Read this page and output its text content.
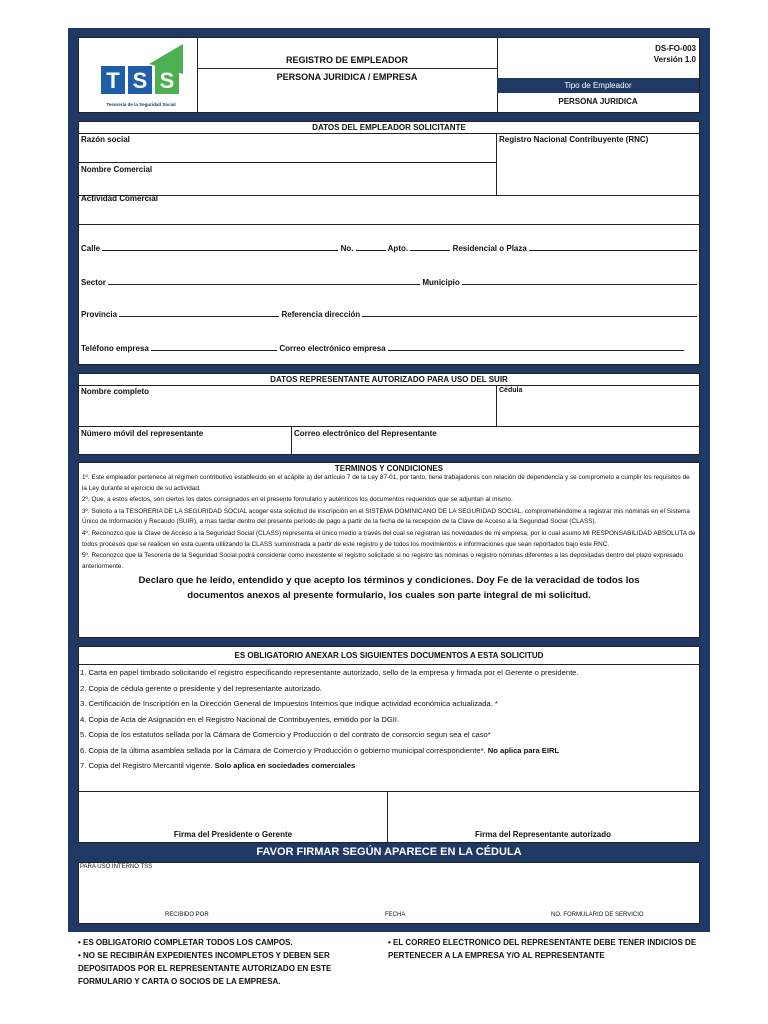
T S S
Tesorería de la Seguridad Social
REGISTRO DE EMPLEADOR
PERSONA JURIDICA / EMPRESA
DS-FO-003
Versión 1.0
Tipo de Empleador
PERSONA JURIDICA
DATOS DEL EMPLEADOR SOLICITANTE
Razón social	Registro Nacional Contribuyente (RNC)
Nombre Comercial
Actividad Comercial
Calle	No.	Apto.	Residencial o Plaza
Sector	Municipio
Provincia	Referencia dirección
Teléfono empresa	Correo electrónico empresa
DATOS REPRESENTANTE AUTORIZADO PARA USO DEL SUIR
Nombre completo	Cédula
Número móvil del representante	Correo electrónico del Representante
TERMINOS Y CONDICIONES

1º. Este empleador pertenece al régimen contributivo establecido en el acápite a) del artículo 7 de la Ley 87-01, por tanto, tiene trabajadores con relación de dependencia y se comprometo a cumplir los requisitos de la Ley durante el ejercicio de su actividad.

2º. Que, a estos efectos, son ciertos los datos consignados en el presente formulario y auténticos los documentos requeridos que se adjuntan al mismo.

3º. Solicito a la TESORERIA DE LA SEGURIDAD SOCIAL acoger esta solicitud de inscripción en el SISTEMA DOMINICANO DE LA SEGURIDAD SOCIAL, comprometiéndome a registrar mis nóminas en el Sistema Único de Información y Recaudo (SUIR), a mas tardar dentro del presente período de pago a partir de la fecha de la recepción de la Clave de Acceso a la Seguridad Social (CLASS).

4º. Reconozco que la Clave de Acceso a la Seguridad Social (CLASS) representa el único medio a través del cual se registran las novedades de mi empresa, por lo cual asumo MI RESPONSABILIDAD ABSOLUTA de todos procesos que se realicen en esta cuenta utilizando la CLASS suministrada a partir de este registro y de todos los movimientos e informaciones que sean reportados bajo este RNC.

5º. Reconozco que la Tesorería de la Seguridad Social podrá considerar como inexistente el registro solicitado si no registro las nóminas o registro nóminas diferentes a las depositadas dentro del plazo expresado anteriormente.

Declaro que he leído, entendido y que acepto los términos y condiciones. Doy Fe de la veracidad de todos los documentos anexos al presente formulario, los cuales son parte integral de mi solicitud.
ES OBLIGATORIO ANEXAR LOS SIGUIENTES DOCUMENTOS A ESTA SOLICITUD
1. Carta en papel timbrado solicitando el registro especificando representante autorizado, sello de la empresa y firmada por el Gerente o presidente.
2. Copia de cédula gerente o presidente y del representante autorizado.
3. Certificación de Inscripción en la Dirección General de Impuestos Internos que indique actividad económica actualizada. *
4. Copia de Acta de Asignación en el Registro Nacional de Contribuyentes, emitido por la DGII.
5. Copia de los estatutos sellada por la Cámara de Comercio y Producción o del contrato de consorcio segun sea el caso*
6. Copia de la última asamblea sellada por la Cámara de Comercio y Producción o gobierno municipal correspondiente*. No aplica para EIRL
7. Copia del Registro Mercantil vigente. Solo aplica en sociedades comerciales
Firma del Presidente o Gerente	Firma del Representante autorizado
FAVOR FIRMAR SEGÚN APARECE EN LA CÉDULA
PARA USO INTERNO TSS
RECIBIDO POR	FECHA	NO. FORMULARIO DE SERVICIO
• ES OBLIGATORIO COMPLETAR TODOS LOS CAMPOS.
• NO SE RECIBIRÁN EXPEDIENTES INCOMPLETOS Y DEBEN SER DEPOSITADOS POR EL REPRESENTANTE AUTORIZADO EN ESTE FORMULARIO Y CARTA O SOCIOS DE LA EMPRESA.
• EL CORREO ELECTRONICO DEL REPRESENTANTE DEBE TENER INDICIOS DE PERTENECER A LA EMPRESA Y/O AL REPRESENTANTE
